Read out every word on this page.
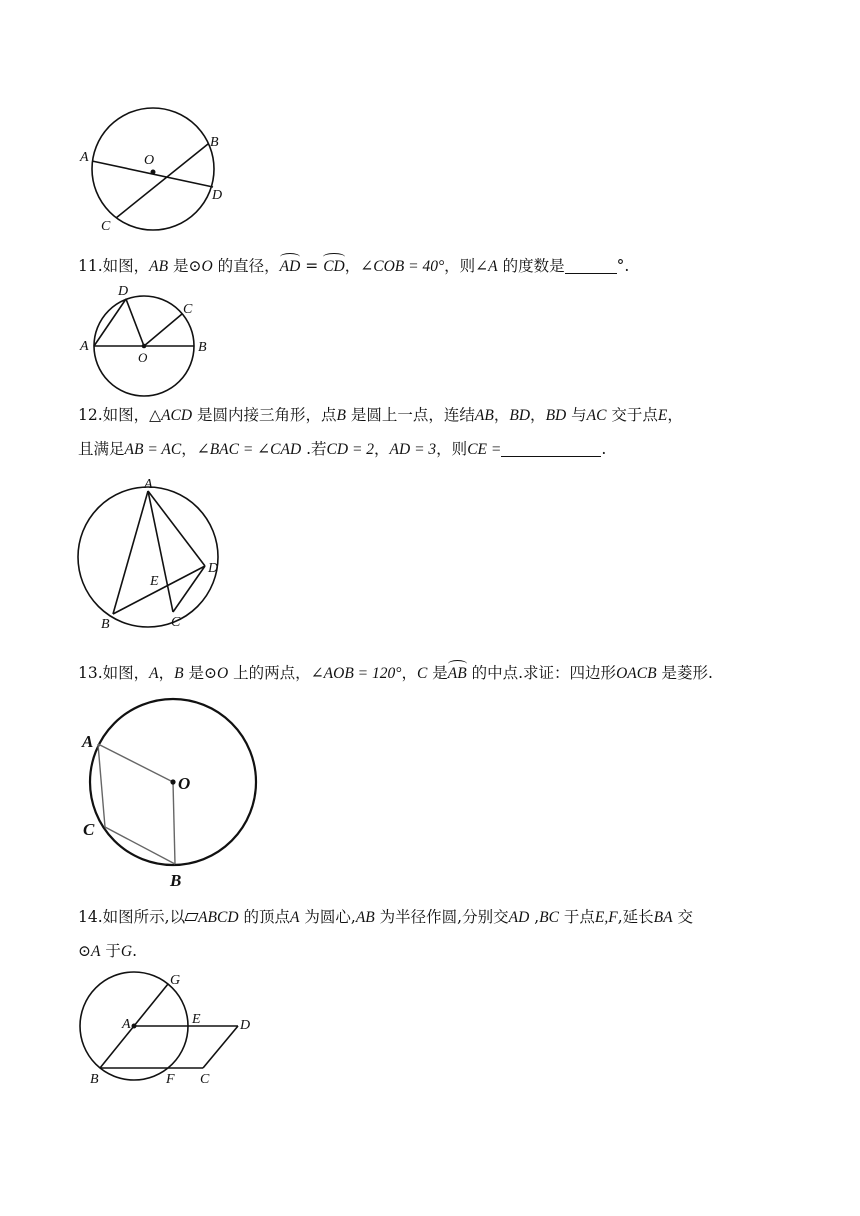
A	O
B
D
C
11.如图，AB 是⊙O 的直径，AD = CD，∠COB = 40°，则∠A 的度数是	°.
D
C
A	B
O
12.如图，△ACD 是圆内接三角形，点B 是圆上一点，连结AB，BD，BD 与AC 交于点E，
且满足AB = AC，∠BAC = ∠CAD .若CD = 2，AD = 3，则CE =	.
A
D
E
B	C
13.如图，A，B 是⊙O 上的两点，∠AOB = 120°，C 是AB 的中点.求证：四边形OACB 是菱形.
A
O
C
B
14.如图所示,以 ABCD 的顶点A 为圆心,AB 为半径作圆,分别交AD ,BC 于点E,F,延长BA 交
⊙A 于G.
G
A	E	D
B	F C
